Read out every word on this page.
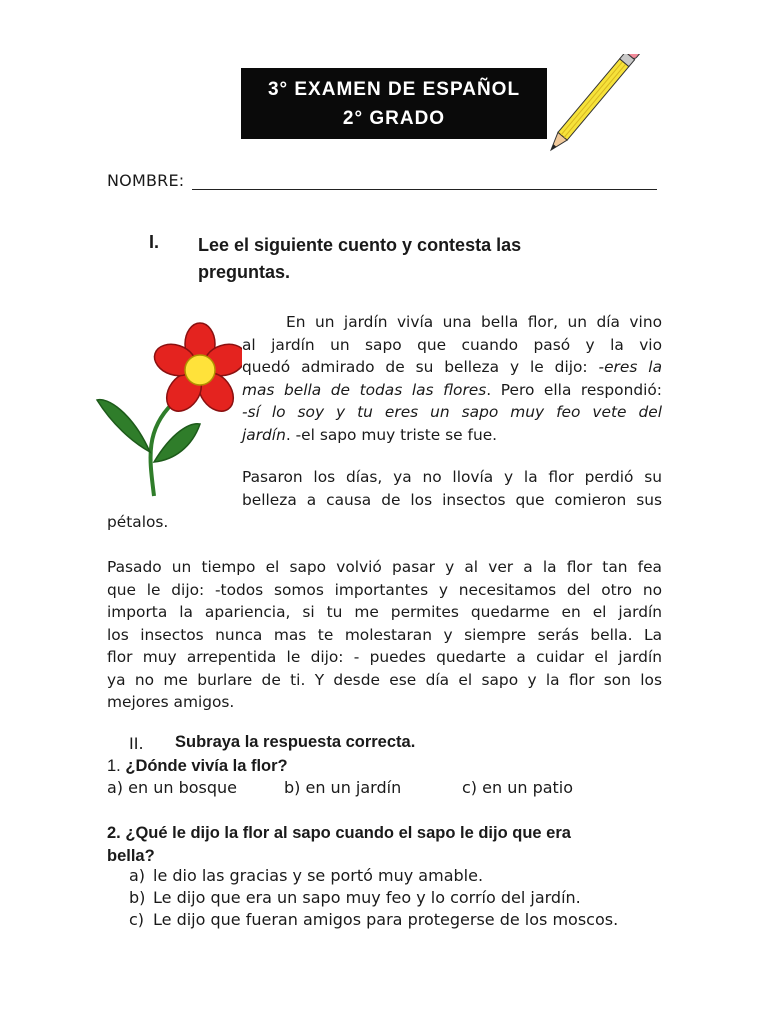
3° EXAMEN DE ESPAÑOL
2° GRADO
NOMBRE:
I. Lee el siguiente cuento y contesta las preguntas.
En un jardín vivía una bella flor, un día vino
al jardín un sapo que cuando pasó y la vio
quedó admirado de su belleza y le dijo: -eres la
mas bella de todas las flores. Pero ella respondió:
-sí lo soy y tu eres un sapo muy feo vete del
jardín. -el sapo muy triste se fue.
Pasaron los días, ya no llovía y la flor perdió su
belleza a causa de los insectos que comieron sus
pétalos.
Pasado un tiempo el sapo volvió pasar y al ver a la flor tan fea
que le dijo: -todos somos importantes y necesitamos del otro no
importa la apariencia, si tu me permites quedarme en el jardín
los insectos nunca mas te molestaran y siempre serás bella. La
flor muy arrepentida le dijo: - puedes quedarte a cuidar el jardín
ya no me burlare de ti. Y desde ese día el sapo y la flor son los
mejores amigos.
II. Subraya la respuesta correcta.
1. ¿Dónde vivía la flor?
a) en un bosque	b) en un jardín	c) en un patio
2. ¿Qué le dijo la flor al sapo cuando el sapo le dijo que era
bella?
a) le dio las gracias y se portó muy amable.
b) Le dijo que era un sapo muy feo y lo corrío del jardín.
c) Le dijo que fueran amigos para protegerse de los moscos.
